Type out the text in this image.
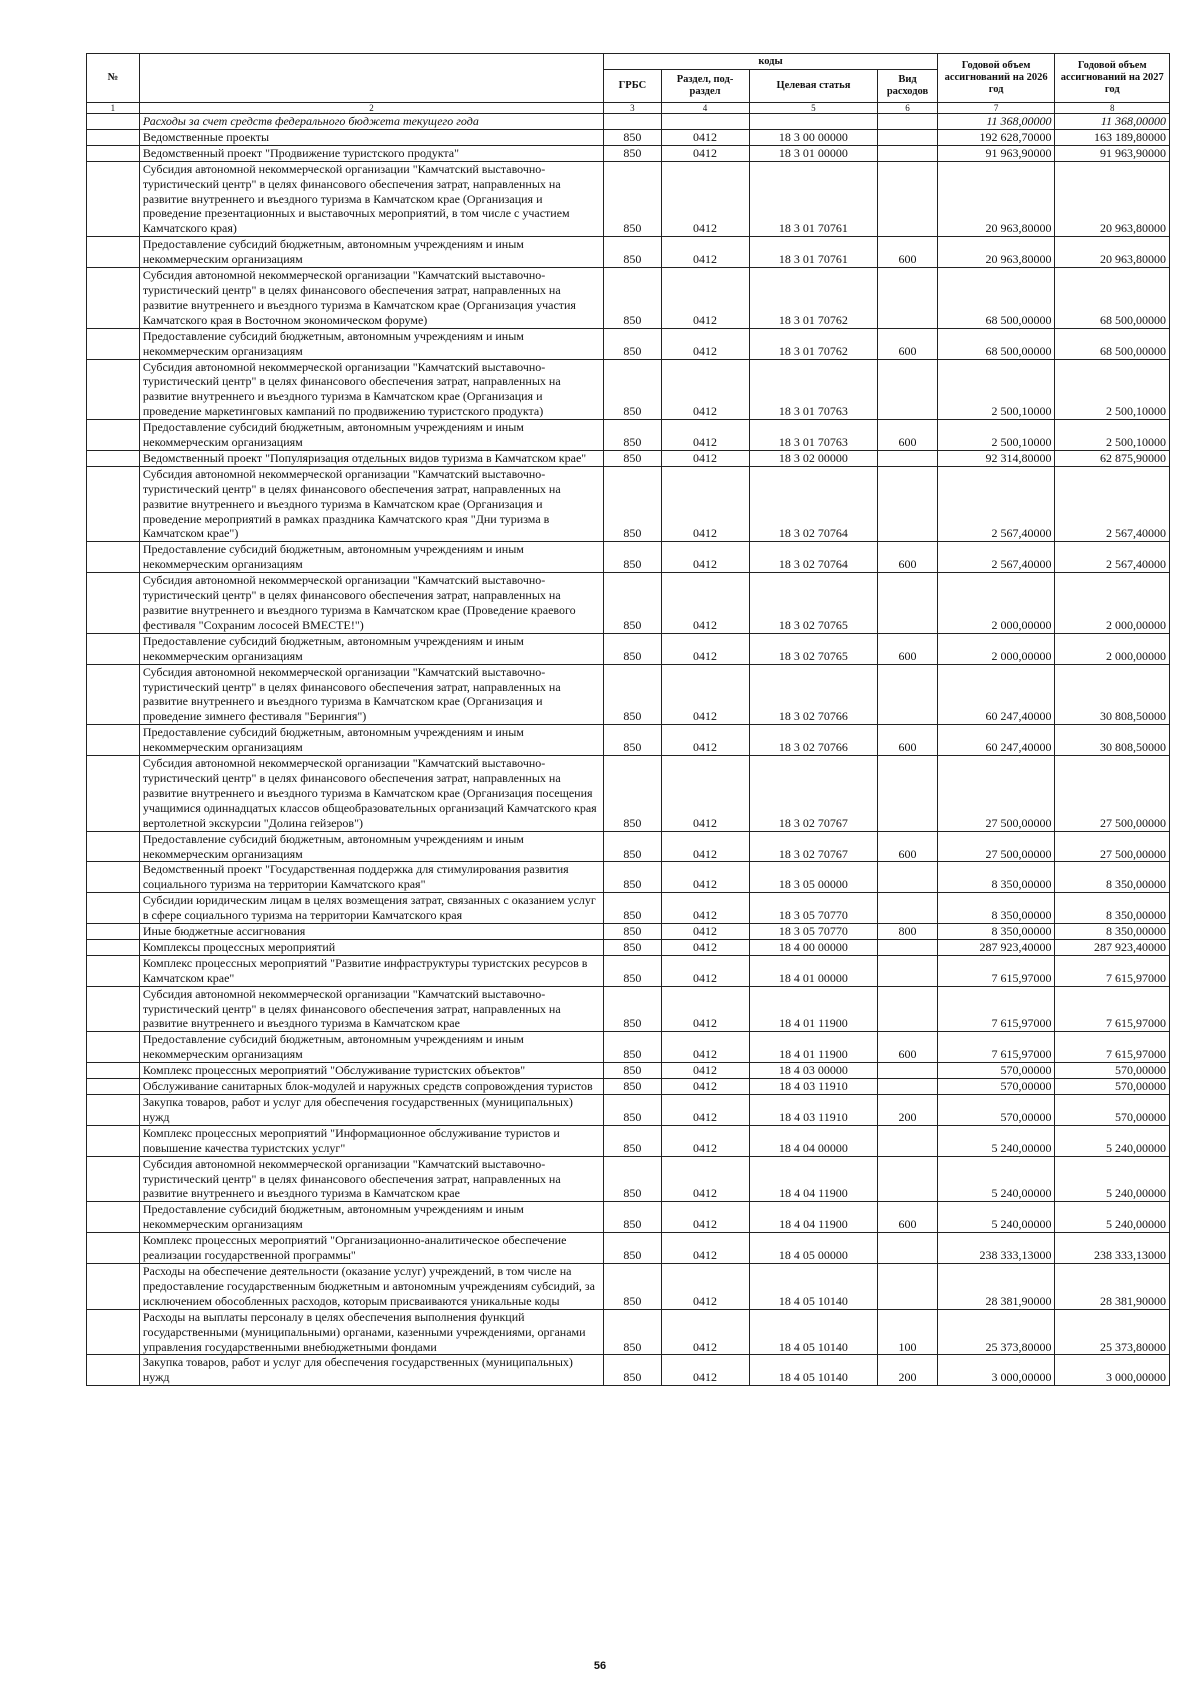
№		коды				Годовой объем ассигнований на 2026 год	Годовой объем ассигнований на 2027 год
		ГРБС	Раздел, под-раздел	Целевая статья	Вид расходов		
1	2	3	4	5	6	7	8
	Расходы за счет средств федерального бюджета текущего года					11 368,00000	11 368,00000
	Ведомственные проекты	850	0412	18 3 00 00000		192 628,70000	163 189,80000
	Ведомственный проект "Продвижение туристского продукта"	850	0412	18 3 01 00000		91 963,90000	91 963,90000
	Субсидия автономной некоммерческой организации "Камчатский выставочно-туристический центр" в целях финансового обеспечения затрат, направленных на развитие внутреннего и въездного туризма в Камчатском крае (Организация и проведение презентационных и выставочных мероприятий, в том числе с участием Камчатского края)	850	0412	18 3 01 70761		20 963,80000	20 963,80000
	Предоставление субсидий бюджетным, автономным учреждениям и иным некоммерческим организациям	850	0412	18 3 01 70761	600	20 963,80000	20 963,80000
	Субсидия автономной некоммерческой организации "Камчатский выставочно-туристический центр" в целях финансового обеспечения затрат, направленных на развитие внутреннего и въездного туризма в Камчатском крае (Организация участия Камчатского края в Восточном экономическом форуме)	850	0412	18 3 01 70762		68 500,00000	68 500,00000
	Предоставление субсидий бюджетным, автономным учреждениям и иным некоммерческим организациям	850	0412	18 3 01 70762	600	68 500,00000	68 500,00000
	Субсидия автономной некоммерческой организации "Камчатский выставочно-туристический центр" в целях финансового обеспечения затрат, направленных на развитие внутреннего и въездного туризма в Камчатском крае (Организация и проведение маркетинговых кампаний по продвижению туристского продукта)	850	0412	18 3 01 70763		2 500,10000	2 500,10000
	Предоставление субсидий бюджетным, автономным учреждениям и иным некоммерческим организациям	850	0412	18 3 01 70763	600	2 500,10000	2 500,10000
	Ведомственный проект "Популяризация отдельных видов туризма в Камчатском крае"	850	0412	18 3 02 00000		92 314,80000	62 875,90000
	Субсидия автономной некоммерческой организации "Камчатский выставочно-туристический центр" в целях финансового обеспечения затрат, направленных на развитие внутреннего и въездного туризма в Камчатском крае (Организация и проведение мероприятий в рамках праздника Камчатского края "Дни туризма в Камчатском крае")	850	0412	18 3 02 70764		2 567,40000	2 567,40000
	Предоставление субсидий бюджетным, автономным учреждениям и иным некоммерческим организациям	850	0412	18 3 02 70764	600	2 567,40000	2 567,40000
	Субсидия автономной некоммерческой организации "Камчатский выставочно-туристический центр" в целях финансового обеспечения затрат, направленных на развитие внутреннего и въездного туризма в Камчатском крае (Проведение краевого фестиваля "Сохраним лососей ВМЕСТЕ!")	850	0412	18 3 02 70765		2 000,00000	2 000,00000
	Предоставление субсидий бюджетным, автономным учреждениям и иным некоммерческим организациям	850	0412	18 3 02 70765	600	2 000,00000	2 000,00000
	Субсидия автономной некоммерческой организации "Камчатский выставочно-туристический центр" в целях финансового обеспечения затрат, направленных на развитие внутреннего и въездного туризма в Камчатском крае (Организация и проведение зимнего фестиваля "Берингия")	850	0412	18 3 02 70766		60 247,40000	30 808,50000
	Предоставление субсидий бюджетным, автономным учреждениям и иным некоммерческим организациям	850	0412	18 3 02 70766	600	60 247,40000	30 808,50000
	Субсидия автономной некоммерческой организации "Камчатский выставочно-туристический центр" в целях финансового обеспечения затрат, направленных на развитие внутреннего и въездного туризма в Камчатском крае (Организация посещения учащимися одиннадцатых классов общеобразовательных организаций Камчатского края вертолетной экскурсии "Долина гейзеров")	850	0412	18 3 02 70767		27 500,00000	27 500,00000
	Предоставление субсидий бюджетным, автономным учреждениям и иным некоммерческим организациям	850	0412	18 3 02 70767	600	27 500,00000	27 500,00000
	Ведомственный проект "Государственная поддержка для стимулирования развития социального туризма на территории Камчатского края"	850	0412	18 3 05 00000		8 350,00000	8 350,00000
	Субсидии юридическим лицам в целях возмещения затрат, связанных с оказанием услуг в сфере социального туризма на территории Камчатского края	850	0412	18 3 05 70770		8 350,00000	8 350,00000
	Иные бюджетные ассигнования	850	0412	18 3 05 70770	800	8 350,00000	8 350,00000
	Комплексы процессных мероприятий	850	0412	18 4 00 00000		287 923,40000	287 923,40000
	Комплекс процессных мероприятий "Развитие инфраструктуры туристских ресурсов в Камчатском крае"	850	0412	18 4 01 00000		7 615,97000	7 615,97000
	Субсидия автономной некоммерческой организации "Камчатский выставочно-туристический центр" в целях финансового обеспечения затрат, направленных на развитие внутреннего и въездного туризма в Камчатском крае	850	0412	18 4 01 11900		7 615,97000	7 615,97000
	Предоставление субсидий бюджетным, автономным учреждениям и иным некоммерческим организациям	850	0412	18 4 01 11900	600	7 615,97000	7 615,97000
	Комплекс процессных мероприятий "Обслуживание туристских объектов"	850	0412	18 4 03 00000		570,00000	570,00000
	Обслуживание санитарных блок-модулей и наружных средств сопровождения туристов	850	0412	18 4 03 11910		570,00000	570,00000
	Закупка товаров, работ и услуг для обеспечения государственных (муниципальных) нужд	850	0412	18 4 03 11910	200	570,00000	570,00000
	Комплекс процессных мероприятий "Информационное обслуживание туристов и повышение качества туристских услуг"	850	0412	18 4 04 00000		5 240,00000	5 240,00000
	Субсидия автономной некоммерческой организации "Камчатский выставочно-туристический центр" в целях финансового обеспечения затрат, направленных на развитие внутреннего и въездного туризма в Камчатском крае	850	0412	18 4 04 11900		5 240,00000	5 240,00000
	Предоставление субсидий бюджетным, автономным учреждениям и иным некоммерческим организациям	850	0412	18 4 04 11900	600	5 240,00000	5 240,00000
	Комплекс процессных мероприятий "Организационно-аналитическое обеспечение реализации государственной программы"	850	0412	18 4 05 00000		238 333,13000	238 333,13000
	Расходы на обеспечение деятельности (оказание услуг) учреждений, в том числе на предоставление государственным бюджетным и автономным учреждениям субсидий, за исключением обособленных расходов, которым присваиваются уникальные коды	850	0412	18 4 05 10140		28 381,90000	28 381,90000
	Расходы на выплаты персоналу в целях обеспечения выполнения функций государственными (муниципальными) органами, казенными учреждениями, органами управления государственными внебюджетными фондами	850	0412	18 4 05 10140	100	25 373,80000	25 373,80000
	Закупка товаров, работ и услуг для обеспечения государственных (муниципальных) нужд	850	0412	18 4 05 10140	200	3 000,00000	3 000,00000
56
